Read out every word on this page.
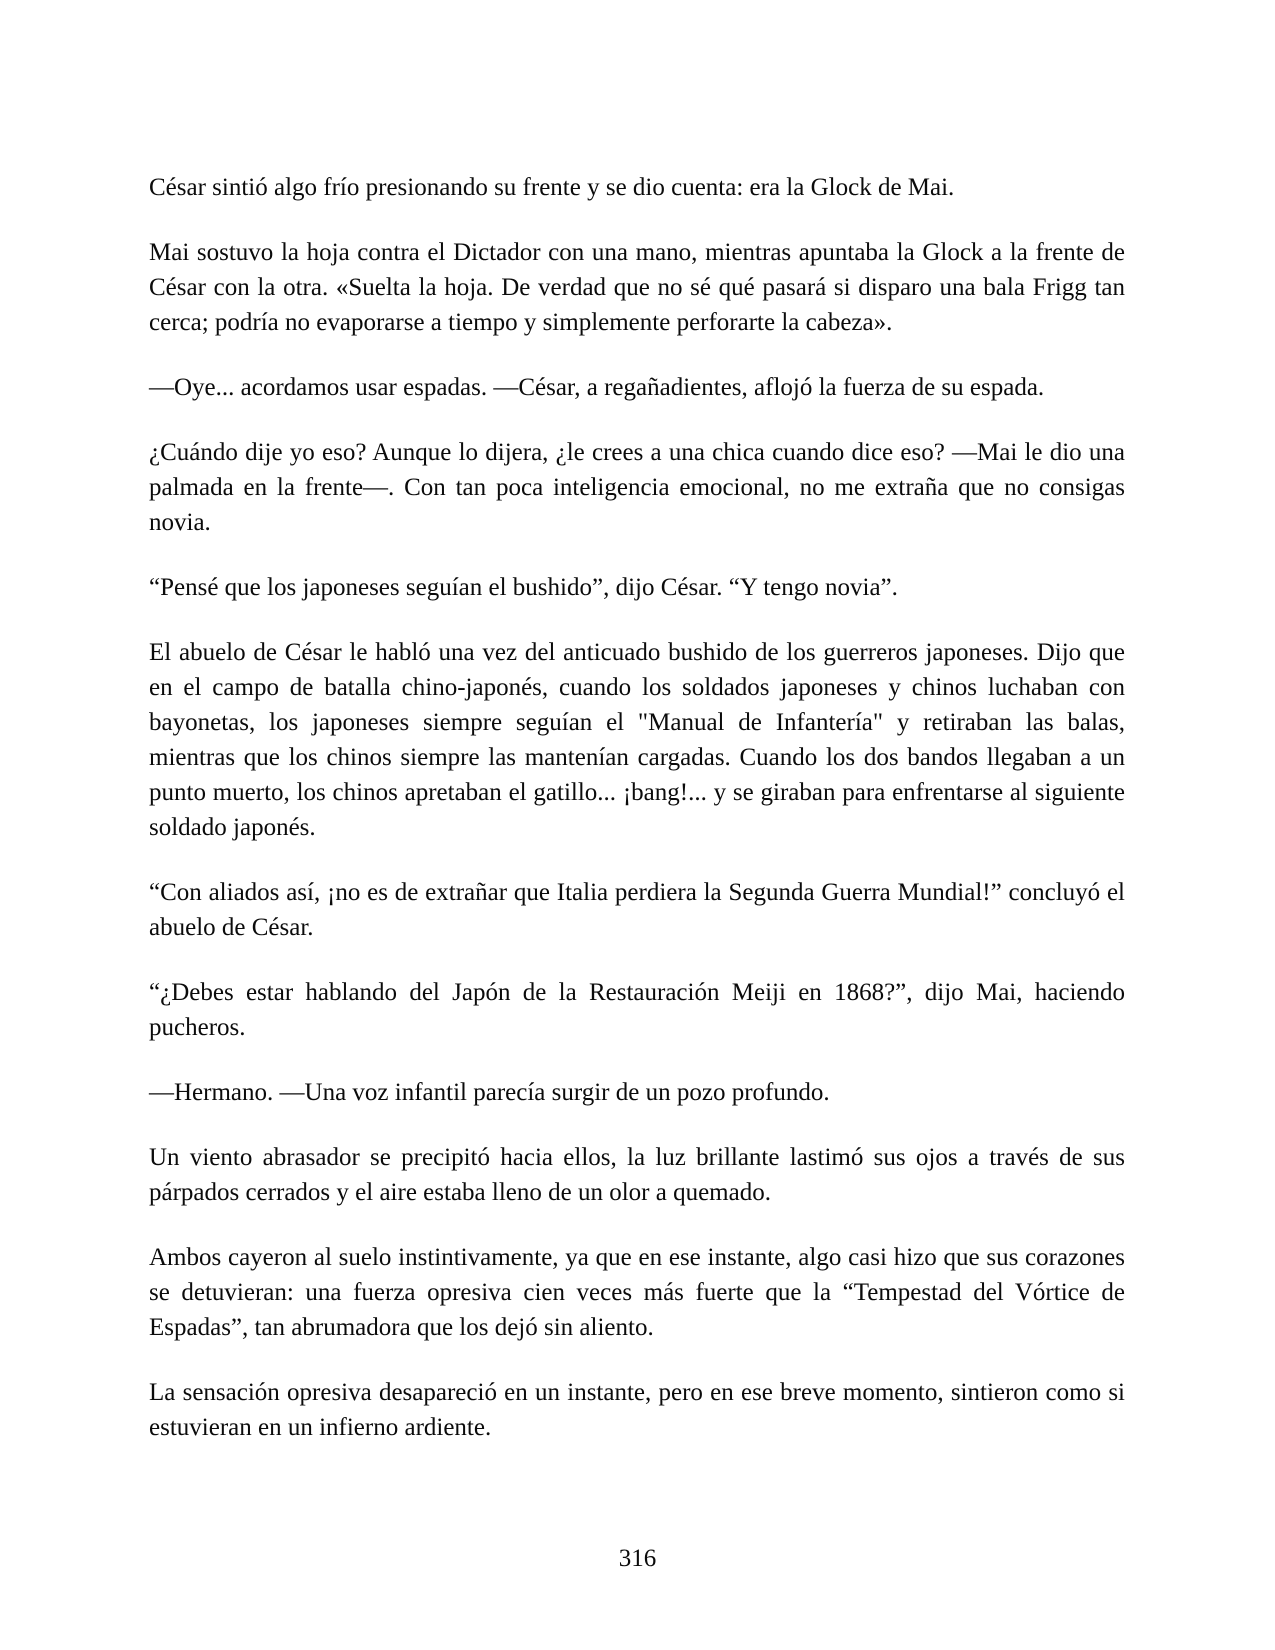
César sintió algo frío presionando su frente y se dio cuenta: era la Glock de Mai.

Mai sostuvo la hoja contra el Dictador con una mano, mientras apuntaba la Glock a la frente de César con la otra. «Suelta la hoja. De verdad que no sé qué pasará si disparo una bala Frigg tan cerca; podría no evaporarse a tiempo y simplemente perforarte la cabeza».

—Oye... acordamos usar espadas. —César, a regañadientes, aflojó la fuerza de su espada.

¿Cuándo dije yo eso? Aunque lo dijera, ¿le crees a una chica cuando dice eso? —Mai le dio una palmada en la frente—. Con tan poca inteligencia emocional, no me extraña que no consigas novia.

“Pensé que los japoneses seguían el bushido”, dijo César. “Y tengo novia”.

El abuelo de César le habló una vez del anticuado bushido de los guerreros japoneses. Dijo que en el campo de batalla chino-japonés, cuando los soldados japoneses y chinos luchaban con bayonetas, los japoneses siempre seguían el "Manual de Infantería" y retiraban las balas, mientras que los chinos siempre las mantenían cargadas. Cuando los dos bandos llegaban a un punto muerto, los chinos apretaban el gatillo... ¡bang!... y se giraban para enfrentarse al siguiente soldado japonés.

“Con aliados así, ¡no es de extrañar que Italia perdiera la Segunda Guerra Mundial!” concluyó el abuelo de César.

“¿Debes estar hablando del Japón de la Restauración Meiji en 1868?”, dijo Mai, haciendo pucheros.

—Hermano. —Una voz infantil parecía surgir de un pozo profundo.

Un viento abrasador se precipitó hacia ellos, la luz brillante lastimó sus ojos a través de sus párpados cerrados y el aire estaba lleno de un olor a quemado.

Ambos cayeron al suelo instintivamente, ya que en ese instante, algo casi hizo que sus corazones se detuvieran: una fuerza opresiva cien veces más fuerte que la “Tempestad del Vórtice de Espadas”, tan abrumadora que los dejó sin aliento.

La sensación opresiva desapareció en un instante, pero en ese breve momento, sintieron como si estuvieran en un infierno ardiente.

316
